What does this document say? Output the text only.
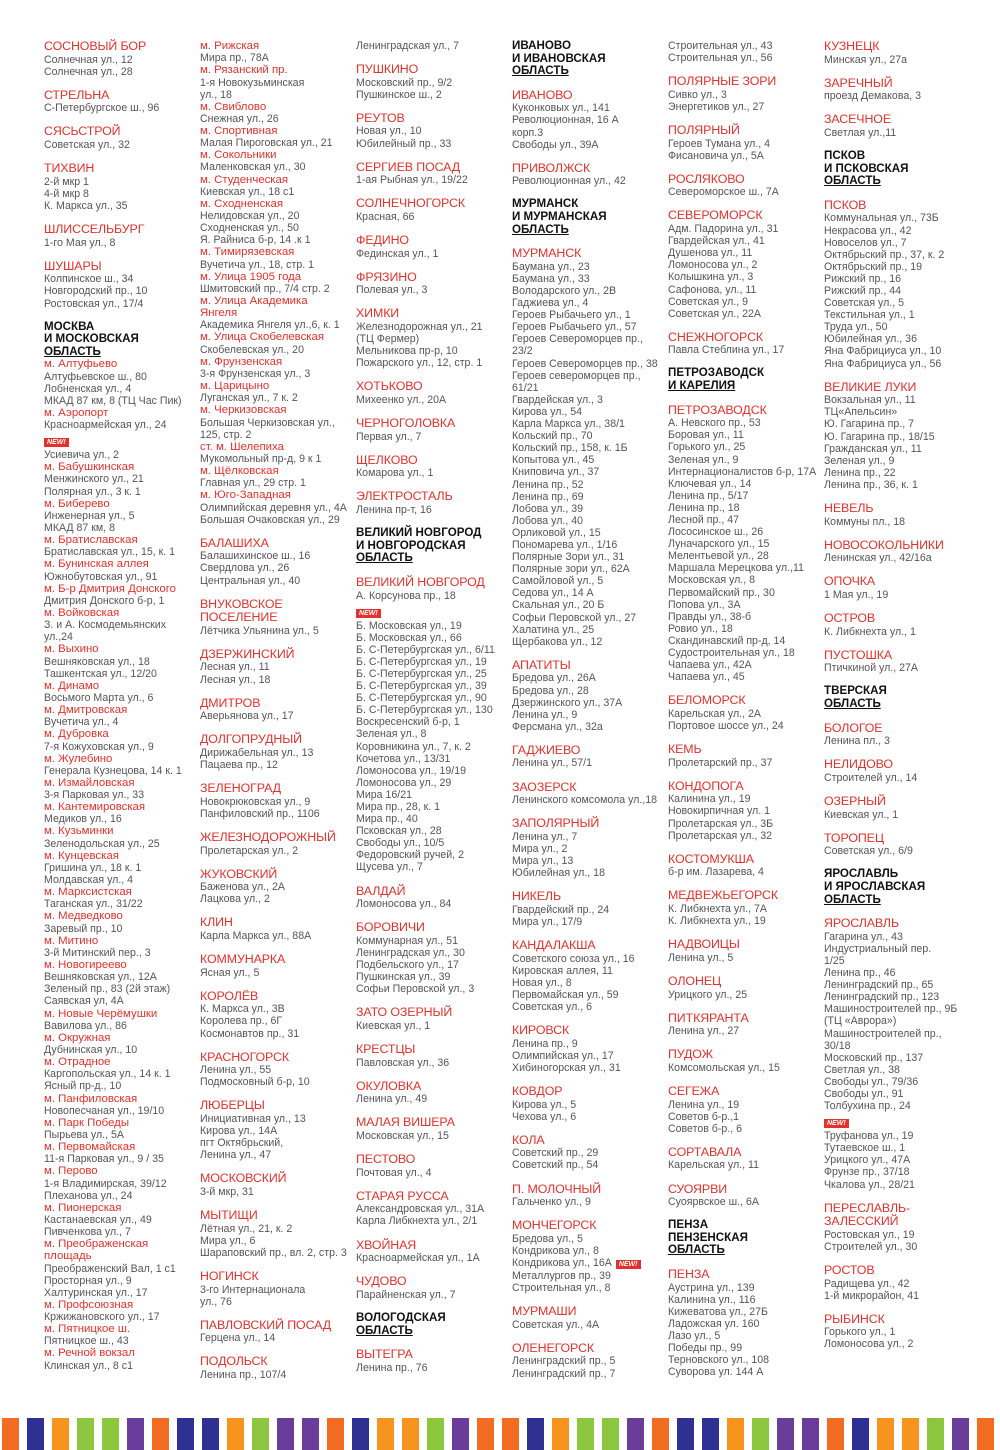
СОСНОВЫЙ БОР
Солнечная ул., 12
Солнечная ул., 28
СТРЕЛЬНА
С-Петербургское ш., 96
СЯСЬСТРОЙ
Советская ул., 32
ТИХВИН
2-й мкр 1
4-й мкр 8
К. Маркса ул., 35
ШЛИССЕЛЬБУРГ
1-го Мая ул., 8
ШУШАРЫ
Колпинское ш., 34
Новгородский пр., 10
Ростовская ул., 17/4
МОСКВА
И МОСКОВСКАЯ
ОБЛАСТЬ
м. Алтуфьево
Алтуфьевское ш., 80
Лобненская ул., 4
МКАД 87 км, 8 (ТЦ Час Пик)
м. Аэропорт
Красноармейская ул., 24
NEW!
Усиевича ул., 2
м. Бабушкинская
Менжинского ул., 21
Полярная ул., 3 к. 1
м. Биберево
Инженерная ул., 5
МКАД 87 км, 8
м. Братиславская
Братиславская ул., 15, к. 1
м. Бунинская аллея
Южнобутовская ул., 91
м. Б-р Дмитрия Донского
Дмитрия Донского б-р, 1
м. Войковская
З. и А. Космодемьянских
ул.,24
м. Выхино
Вешняковская ул., 18
Ташкентская ул., 12/20
м. Динамо
Восьмого Марта ул., 6
м. Дмитровская
Вучетича ул., 4
м. Дубровка
7-я Кожуховская ул., 9
м. Жулебино
Генерала Кузнецова, 14 к. 1
м. Измайловская
3-я Парковая ул., 33
м. Кантемировская
Медиков ул., 16
м. Кузьминки
Зеленодольская ул., 25
м. Кунцевская
Гришина ул., 18 к. 1
Молдавская ул., 4
м. Марксистская
Таганская ул., 31/22
м. Медведково
Заревый пр., 10
м. Митино
3-й Митинский пер., 3
м. Новогиреево
Вешняковская ул., 12А
Зеленый пр., 83 (2й этаж)
Саявская ул, 4А
м. Новые Черёмушки
Вавилова ул., 86
м. Окружная
Дубнинская ул., 10
м. Отрадное
Каргопольская ул., 14 к. 1
Ясный пр-д., 10
м. Панфиловская
Новопесчаная ул., 19/10
м. Парк Победы
Пырьева ул., 5А
м. Первомайская
11-я Парковая ул., 9 / 35
м. Перово
1-я Владимирская, 39/12
Плеханова ул., 24
м. Пионерская
Кастанаевская ул., 49
Пивченкова ул., 7
м. Преображенская
площадь
Преображенский Вал, 1 с1
Просторная ул., 9
Халтуринская ул., 17
м. Профсоюзная
Кржижановского ул., 17
м. Пятницкое ш.
Пятницкое ш., 43
м. Речной вокзал
Клинская ул., 8 с1
м. Рижская
Мира пр., 78А
м. Рязанский пр.
1-я Новокузьминская
ул., 18
м. Свиблово
Снежная ул., 26
м. Спортивная
Малая Пироговская ул., 21
м. Сокольники
Маленковская ул., 30
м. Студенческая
Киевская ул., 18 с1
м. Сходненская
Нелидовская ул., 20
Сходненская ул., 50
Я. Райниса б-р, 14 .к 1
м. Тимирязевская
Вучетича ул., 18, стр. 1
м. Улица 1905 года
Шмитовский пр., 7/4 стр. 2
м. Улица Академика
Янгеля
Академика Янгеля ул.,6, к. 1
м. Улица Скобелевская
Скобелевская ул., 20
м. Фрунзенская
3-я Фрунзенская ул., 3
м. Царицыно
Луганская ул., 7 к. 2
м. Черкизовская
Большая Черкизовская ул.,
125, стр. 2
ст. м. Шелепиха
Мукомольный пр-д, 9 к 1
м. Щёлковская
Главная ул., 29 стр. 1
м. Юго-Западная
Олимпийская деревня ул., 4А
Большая Очаковская ул., 29
БАЛАШИХА
Балашихинское ш., 16
Свердлова ул., 26
Центральная ул., 40
ВНУКОВСКОЕ
ПОСЕЛЕНИЕ
Лётчика Ульянина ул., 5
ДЗЕРЖИНСКИЙ
Лесная ул., 11
Лесная ул., 18
ДМИТРОВ
Аверьянова ул., 17
ДОЛГОПРУДНЫЙ
Дирижабельная ул., 13
Пацаева пр., 12
ЗЕЛЕНОГРАД
Новокрюковская ул., 9
Панфиловский пр., 1106
ЖЕЛЕЗНОДОРОЖНЫЙ
Пролетарская ул., 2
ЖУКОВСКИЙ
Баженова ул., 2А
Лацкова ул., 2
КЛИН
Карла Маркса ул., 88А
КОММУНАРКА
Ясная ул., 5
КОРОЛЁВ
К. Маркса ул., 3В
Королева пр., 6Г
Космонавтов пр., 31
КРАСНОГОРСК
Ленина ул., 55
Подмосковный б-р, 10
ЛЮБЕРЦЫ
Инициативная ул., 13
Кирова ул., 14А
пгт Октябрьский,
Ленина ул., 47
МОСКОВСКИЙ
3-й мкр, 31
МЫТИЩИ
Лётная ул., 21, к. 2
Мира ул., 6
Шараповский пр., вл. 2, стр. 3
НОГИНСК
3-го Интернационала
ул., 76
ПАВЛОВСКИЙ ПОСАД
Герцена ул., 14
ПОДОЛЬСК
Ленина пр., 107/4
Ленинградская ул., 7
ПУШКИНО
Московский пр., 9/2
Пушкинское ш., 2
РЕУТОВ
Новая ул., 10
Юбилейный пр., 33
СЕРГИЕВ ПОСАД
1-ая Рыбная ул., 19/22
СОЛНЕЧНОГОРСК
Красная, 66
ФЕДИНО
Фединская ул., 1
ФРЯЗИНО
Полевая ул., 3
ХИМКИ
Железнодорожная ул., 21
(ТЦ Фермер)
Мельникова пр-р, 10
Пожарского ул., 12, стр. 1
ХОТЬКОВО
Михеенко ул., 20А
ЧЕРНОГОЛОВКА
Первая ул., 7
ЩЕЛКОВО
Комарова ул., 1
ЭЛЕКТРОСТАЛЬ
Ленина пр-т, 16
ВЕЛИКИЙ НОВГОРОД
И НОВГОРОДСКАЯ
ОБЛАСТЬ
ВЕЛИКИЙ НОВГОРОД
А. Корсунова пр., 18
NEW!
Б. Московская ул., 19
Б. Московская ул., 66
Б. С-Петербургская ул., 6/11
Б. С-Петербургская ул., 19
Б. С-Петербургская ул., 25
Б. С-Петербургская ул., 39
Б. С-Петербургская ул., 90
Б. С-Петербургская ул., 130
Воскресенский б-р, 1
Зеленая ул., 8
Коровникина ул., 7, к. 2
Кочетова ул., 13/31
Ломоносова ул., 19/19
Ломоносова ул., 29
Мира 16/21
Мира пр., 28, к. 1
Мира пр., 40
Псковская ул., 28
Свободы ул., 10/5
Федоровский ручей, 2
Щусева ул., 7
ВАЛДАЙ
Ломоносова ул., 84
БОРОВИЧИ
Коммунарная ул., 51
Ленинградская ул., 30
Подбельского ул., 17
Пушкинская ул., 39
Софьи Перовской ул., 3
ЗАТО ОЗЕРНЫЙ
Киевская ул., 1
КРЕСТЦЫ
Павловская ул., 36
ОКУЛОВКА
Ленина ул., 49
МАЛАЯ ВИШЕРА
Московская ул., 15
ПЕСТОВО
Почтовая ул., 4
СТАРАЯ РУССА
Александровская ул., 31А
Карла Либкнехта ул., 2/1
ХВОЙНАЯ
Красноармейская ул., 1А
ЧУДОВО
Парайненская ул., 7
ВОЛОГОДСКАЯ
ОБЛАСТЬ
ВЫТЕГРА
Ленина пр., 76
ИВАНОВО
И ИВАНОВСКАЯ
ОБЛАСТЬ
ИВАНОВО
Куконковых ул., 141
Революционная, 16 А
корп.3
Свободы ул., 39А
ПРИВОЛЖСК
Революционная ул., 42
МУРМАНСК
И МУРМАНСКАЯ
ОБЛАСТЬ
МУРМАНСК
Баумана ул., 23
Баумана ул., 33
Володарского ул., 2В
Гаджиева ул., 4
Героев Рыбачьего ул., 1
Героев Рыбачьего ул., 57
Героев Североморцев пр.,
23/2
Героев Североморцев пр., 38
Героев североморцев пр.,
61/21
Гвардейская ул., 3
Кирова ул., 54
Карла Маркса ул., 38/1
Кольский пр., 70
Кольский пр., 158, к. 1Б
Копытова ул., 45
Книповича ул., 37
Ленина пр., 52
Ленина пр., 69
Лобова ул., 39
Лобова ул., 40
Орликовой ул., 15
Пономарева ул., 1/16
Полярные Зори ул., 31
Полярные зори ул., 62А
Самойловой ул., 5
Седова ул., 14 А
Скальная ул., 20 Б
Софьи Перовской ул., 27
Халатина ул., 25
Щербакова ул., 12
АПАТИТЫ
Бредова ул., 26А
Бредова ул., 28
Дзержинского ул., 37А
Ленина ул., 9
Ферсмана ул., 32а
ГАДЖИЕВО
Ленина ул., 57/1
ЗАОЗЕРСК
Ленинского комсомола ул.,18
ЗАПОЛЯРНЫЙ
Ленина ул., 7
Мира ул., 2
Мира ул., 13
Юбилейная ул., 18
НИКЕЛЬ
Гвардейский пр., 24
Мира ул., 17/9
КАНДАЛАКША
Советского союза ул., 16
Кировская аллея, 11
Новая ул., 8
Первомайская ул., 59
Советская ул., 6
КИРОВСК
Ленина пр., 9
Олимпийская ул., 17
Хибиногорская ул., 31
КОВДОР
Кирова ул., 5
Чехова ул., 6
КОЛА
Советский пр., 29
Советский пр., 54
П. МОЛОЧНЫЙ
Гальченко ул., 9
МОНЧЕГОРСК
Бредова ул., 5
Кондрикова ул., 8
Кондрикова ул., 16А NEW!
Металлургов пр., 39
Строительная ул., 8
МУРМАШИ
Советская ул., 4А
ОЛЕНЕГОРСК
Ленинградский пр., 5
Ленинградский пр., 7
Строительная ул., 43
Строительная ул., 56
ПОЛЯРНЫЕ ЗОРИ
Сивко ул., 3
Энергетиков ул., 27
ПОЛЯРНЫЙ
Героев Тумана ул., 4
Фисановича ул., 5А
РОСЛЯКОВО
Североморское ш., 7А
СЕВЕРОМОРСК
Адм. Падорина ул., 31
Гвардейская ул., 41
Душенова ул., 11
Ломоносова ул., 2
Колышкина ул., 3
Сафонова, ул., 11
Советская ул., 9
Советская ул., 22А
СНЕЖНОГОРСК
Павла Стеблина ул., 17
ПЕТРОЗАВОДСК
И КАРЕЛИЯ
ПЕТРОЗАВОДСК
А. Невского пр., 53
Боровая ул., 11
Горького ул., 25
Зеленая ул., 9
Интернационалистов б-р, 17А
Ключевая ул., 14
Ленина пр., 5/17
Ленина пр., 18
Лесной пр., 47
Лососинское ш., 26
Луначарского ул., 15
Мелентьевой ул., 28
Маршала Мерецкова ул.,11
Московская ул., 8
Первомайский пр., 30
Попова ул., 3А
Правды ул., 38-б
Ровио ул., 18
Скандинавский пр-д, 14
Судостроительная ул., 18
Чапаева ул., 42А
Чапаева ул., 45
БЕЛОМОРСК
Карельская ул., 2А
Портовое шоссе ул., 24
КЕМЬ
Пролетарский пр., 37
КОНДОПОГА
Калинина ул., 19
Новокирпичная ул. 1
Пролетарская ул., 3Б
Пролетарская ул., 32
КОСТОМУКША
б-р им. Лазарева, 4
МЕДВЕЖЬЕГОРСК
К. Либкнехта ул., 7А
К. Либкнехта ул., 19
НАДВОИЦЫ
Ленина ул., 5
ОЛОНЕЦ
Урицкого ул., 25
ПИТКЯРАНТА
Ленина ул., 27
ПУДОЖ
Комсомольская ул., 15
СЕГЕЖА
Ленина ул., 19
Советов б-р.,1
Советов б-р., 6
СОРТАВАЛА
Карельская ул., 11
СУОЯРВИ
Суоярвское ш., 6А
ПЕНЗА
ПЕНЗЕНСКАЯ
ОБЛАСТЬ
ПЕНЗА
Аустрина ул., 139
Калинина ул., 116
Кижеватова ул., 27Б
Ладожская ул. 160
Лазо ул., 5
Победы пр., 99
Терновского ул., 108
Суворова ул. 144 А
КУЗНЕЦК
Минская ул., 27а
ЗАРЕЧНЫЙ
проезд Демакова, 3
ЗАСЕЧНОЕ
Светлая ул.,11
ПСКОВ
И ПСКОВСКАЯ
ОБЛАСТЬ
ПСКОВ
Коммунальная ул., 73Б
Некрасова ул., 42
Новоселов ул., 7
Октябрьский пр., 37, к. 2
Октябрьский пр., 19
Рижский пр., 16
Рижский пр., 44
Советская ул., 5
Текстильная ул., 1
Труда ул., 50
Юбилейная ул., 36
Яна Фабрициуса ул., 10
Яна Фабрициуса ул., 56
ВЕЛИКИЕ ЛУКИ
Вокзальная ул., 11
ТЦ«Апельсин»
Ю. Гагарина пр., 7
Ю. Гагарина пр., 18/15
Гражданская ул., 11
Зеленая ул., 9
Ленина пр., 22
Ленина пр., 36, к. 1
НЕВЕЛЬ
Коммуны пл., 18
НОВОСОКОЛЬНИКИ
Ленинская ул., 42/16а
ОПОЧКА
1 Мая ул., 19
ОСТРОВ
К. Либкнехта ул., 1
ПУСТОШКА
Птичкиной ул., 27А
ТВЕРСКАЯ
ОБЛАСТЬ
БОЛОГОЕ
Ленина пл., 3
НЕЛИДОВО
Строителей ул., 14
ОЗЕРНЫЙ
Киевская ул., 1
ТОРОПЕЦ
Советская ул., 6/9
ЯРОСЛАВЛЬ
И ЯРОСЛАВСКАЯ
ОБЛАСТЬ
ЯРОСЛАВЛЬ
Гагарина ул., 43
Индустриальный пер.
1/25
Ленина пр., 46
Ленинградский пр., 65
Ленинградский пр., 123
Машиностроителей пр., 9Б
(ТЦ «Аврора»)
Машиностроителей пр.,
30/18
Московский пр., 137
Светлая ул., 38
Свободы ул., 79/36
Свободы ул., 91
Толбухина пр., 24
NEW!
Труфанова ул., 19
Тутаевское ш., 1
Урицкого ул., 47А
Фрунзе пр., 37/18
Чкалова ул., 28/21
ПЕРЕСЛАВЛЬ-
ЗАЛЕССКИЙ
Ростовская ул., 19
Строителей ул., 30
РОСТОВ
Радищева ул., 42
1-й микрорайон, 41
РЫБИНСК
Горького ул., 1
Ломоносова ул., 2
